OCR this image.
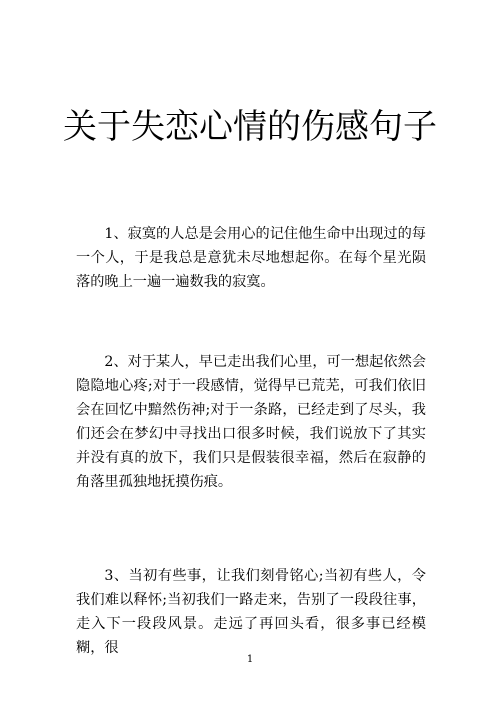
关于失恋心情的伤感句子

1、寂寞的人总是会用心的记住他生命中出现过的每一个人，于是我总是意犹未尽地想起你。在每个星光陨落的晚上一遍一遍数我的寂寞。

2、对于某人，早已走出我们心里，可一想起依然会隐隐地心疼;对于一段感情，觉得早已荒芜，可我们依旧会在回忆中黯然伤神;对于一条路，已经走到了尽头，我们还会在梦幻中寻找出口很多时候，我们说放下了其实并没有真的放下，我们只是假装很幸福，然后在寂静的角落里孤独地抚摸伤痕。

3、当初有些事，让我们刻骨铭心;当初有些人，令我们难以释怀;当初我们一路走来，告别了一段段往事，走入下一段段风景。走远了再回头看，很多事已经模糊，很

1
